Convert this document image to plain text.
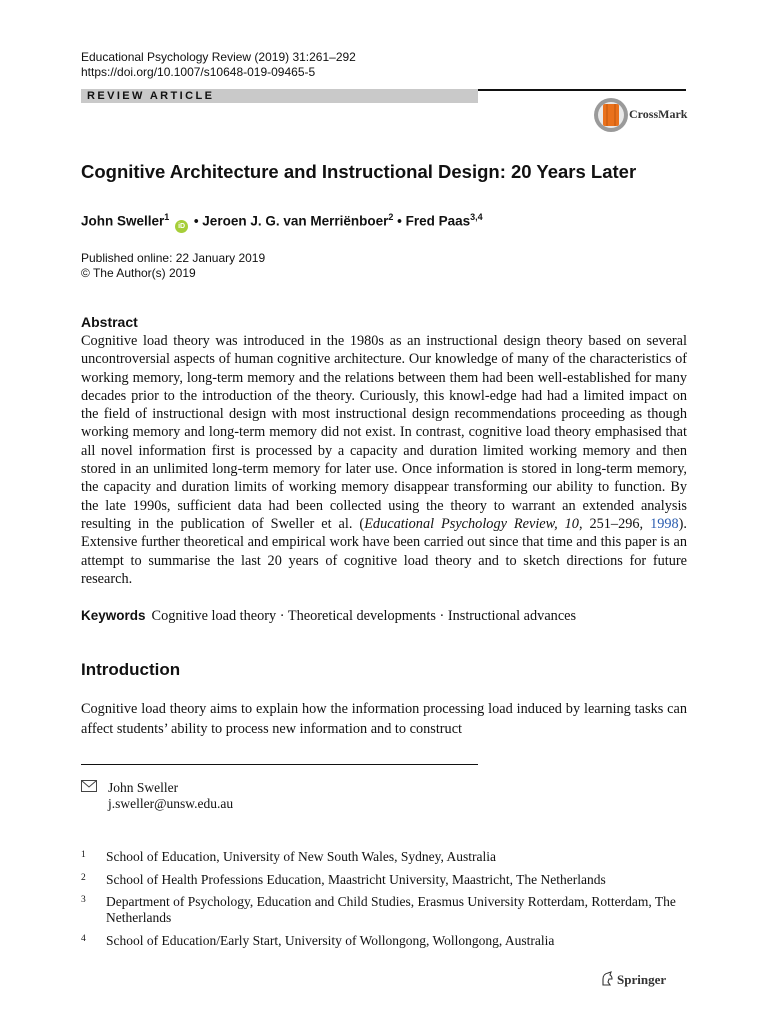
Educational Psychology Review (2019) 31:261–292
https://doi.org/10.1007/s10648-019-09465-5
REVIEW ARTICLE
CrossMark
Cognitive Architecture and Instructional Design: 20 Years Later
John Sweller$^1$ iD • Jeroen J. G. van Merriënboer$^2$ • Fred Paas$^{3,4}$
Published online: 22 January 2019
© The Author(s) 2019
Abstract
Cognitive load theory was introduced in the 1980s as an instructional design theory based on several uncontroversial aspects of human cognitive architecture. Our knowledge of many of the characteristics of working memory, long-term memory and the relations between them had been well-established for many decades prior to the introduction of the theory. Curiously, this knowl-edge had had a limited impact on the field of instructional design with most instructional design recommendations proceeding as though working memory and long-term memory did not exist. In contrast, cognitive load theory emphasised that all novel information first is processed by a capacity and duration limited working memory and then stored in an unlimited long-term memory for later use. Once information is stored in long-term memory, the capacity and duration limits of working memory disappear transforming our ability to function. By the late 1990s, sufficient data had been collected using the theory to warrant an extended analysis resulting in the publication of Sweller et al. (Educational Psychology Review, 10, 251–296, 1998). Extensive further theoretical and empirical work have been carried out since that time and this paper is an attempt to summarise the last 20 years of cognitive load theory and to sketch directions for future research.
Keywords Cognitive load theory · Theoretical developments · Instructional advances
Introduction
Cognitive load theory aims to explain how the information processing load induced by learning tasks can affect students’ ability to process new information and to construct
John Sweller
j.sweller@unsw.edu.au
1 School of Education, University of New South Wales, Sydney, Australia
2 School of Health Professions Education, Maastricht University, Maastricht, The Netherlands
3 Department of Psychology, Education and Child Studies, Erasmus University Rotterdam, Rotterdam, The Netherlands
4 School of Education/Early Start, University of Wollongong, Wollongong, Australia
Springer
